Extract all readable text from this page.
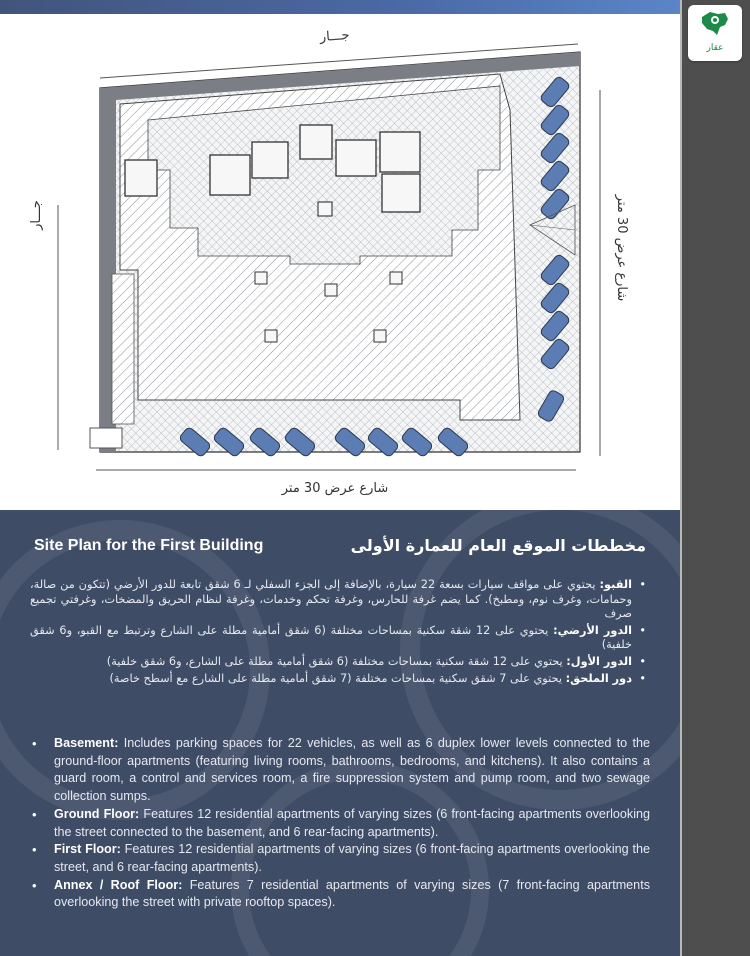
جـــار
جـــار	شارع عرض 30 متر
شارع عرض 30 متر
Site Plan for the First Building	مخططات الموقع العام للعمارة الأولى
• القبو: يحتوي على مواقف سيارات بسعة 22 سيارة، بالإضافة إلى الجزء السفلي لـ 6 شقق تابعة للدور الأرضي (تتكون من صالة، وحمامات، وغرف نوم، ومطبخ). كما يضم غرفة للحارس، وغرفة تحكم وخدمات، وغرفة لنظام الحريق والمضخات، وغرفتي تجميع صرف
• الدور الأرضي: يحتوي على 12 شقة سكنية بمساحات مختلفة (6 شقق أمامية مطلة على الشارع وترتبط مع القبو، و6 شقق خلفية)
• الدور الأول: يحتوي على 12 شقة سكنية بمساحات مختلفة (6 شقق أمامية مطلة على الشارع، و6 شقق خلفية)
• دور الملحق: يحتوي على 7 شقق سكنية بمساحات مختلفة (7 شقق أمامية مطلة على الشارع مع أسطح خاصة)
• Basement: Includes parking spaces for 22 vehicles, as well as 6 duplex lower levels connected to the ground-floor apartments (featuring living rooms, bathrooms, bedrooms, and kitchens). It also contains a guard room, a control and services room, a fire suppression system and pump room, and two sewage collection sumps.
• Ground Floor: Features 12 residential apartments of varying sizes (6 front-facing apartments overlooking the street connected to the basement, and 6 rear-facing apartments).
• First Floor: Features 12 residential apartments of varying sizes (6 front-facing apartments overlooking the street, and 6 rear-facing apartments).
• Annex / Roof Floor: Features 7 residential apartments of varying sizes (7 front-facing apartments overlooking the street with private rooftop spaces).
عقار
